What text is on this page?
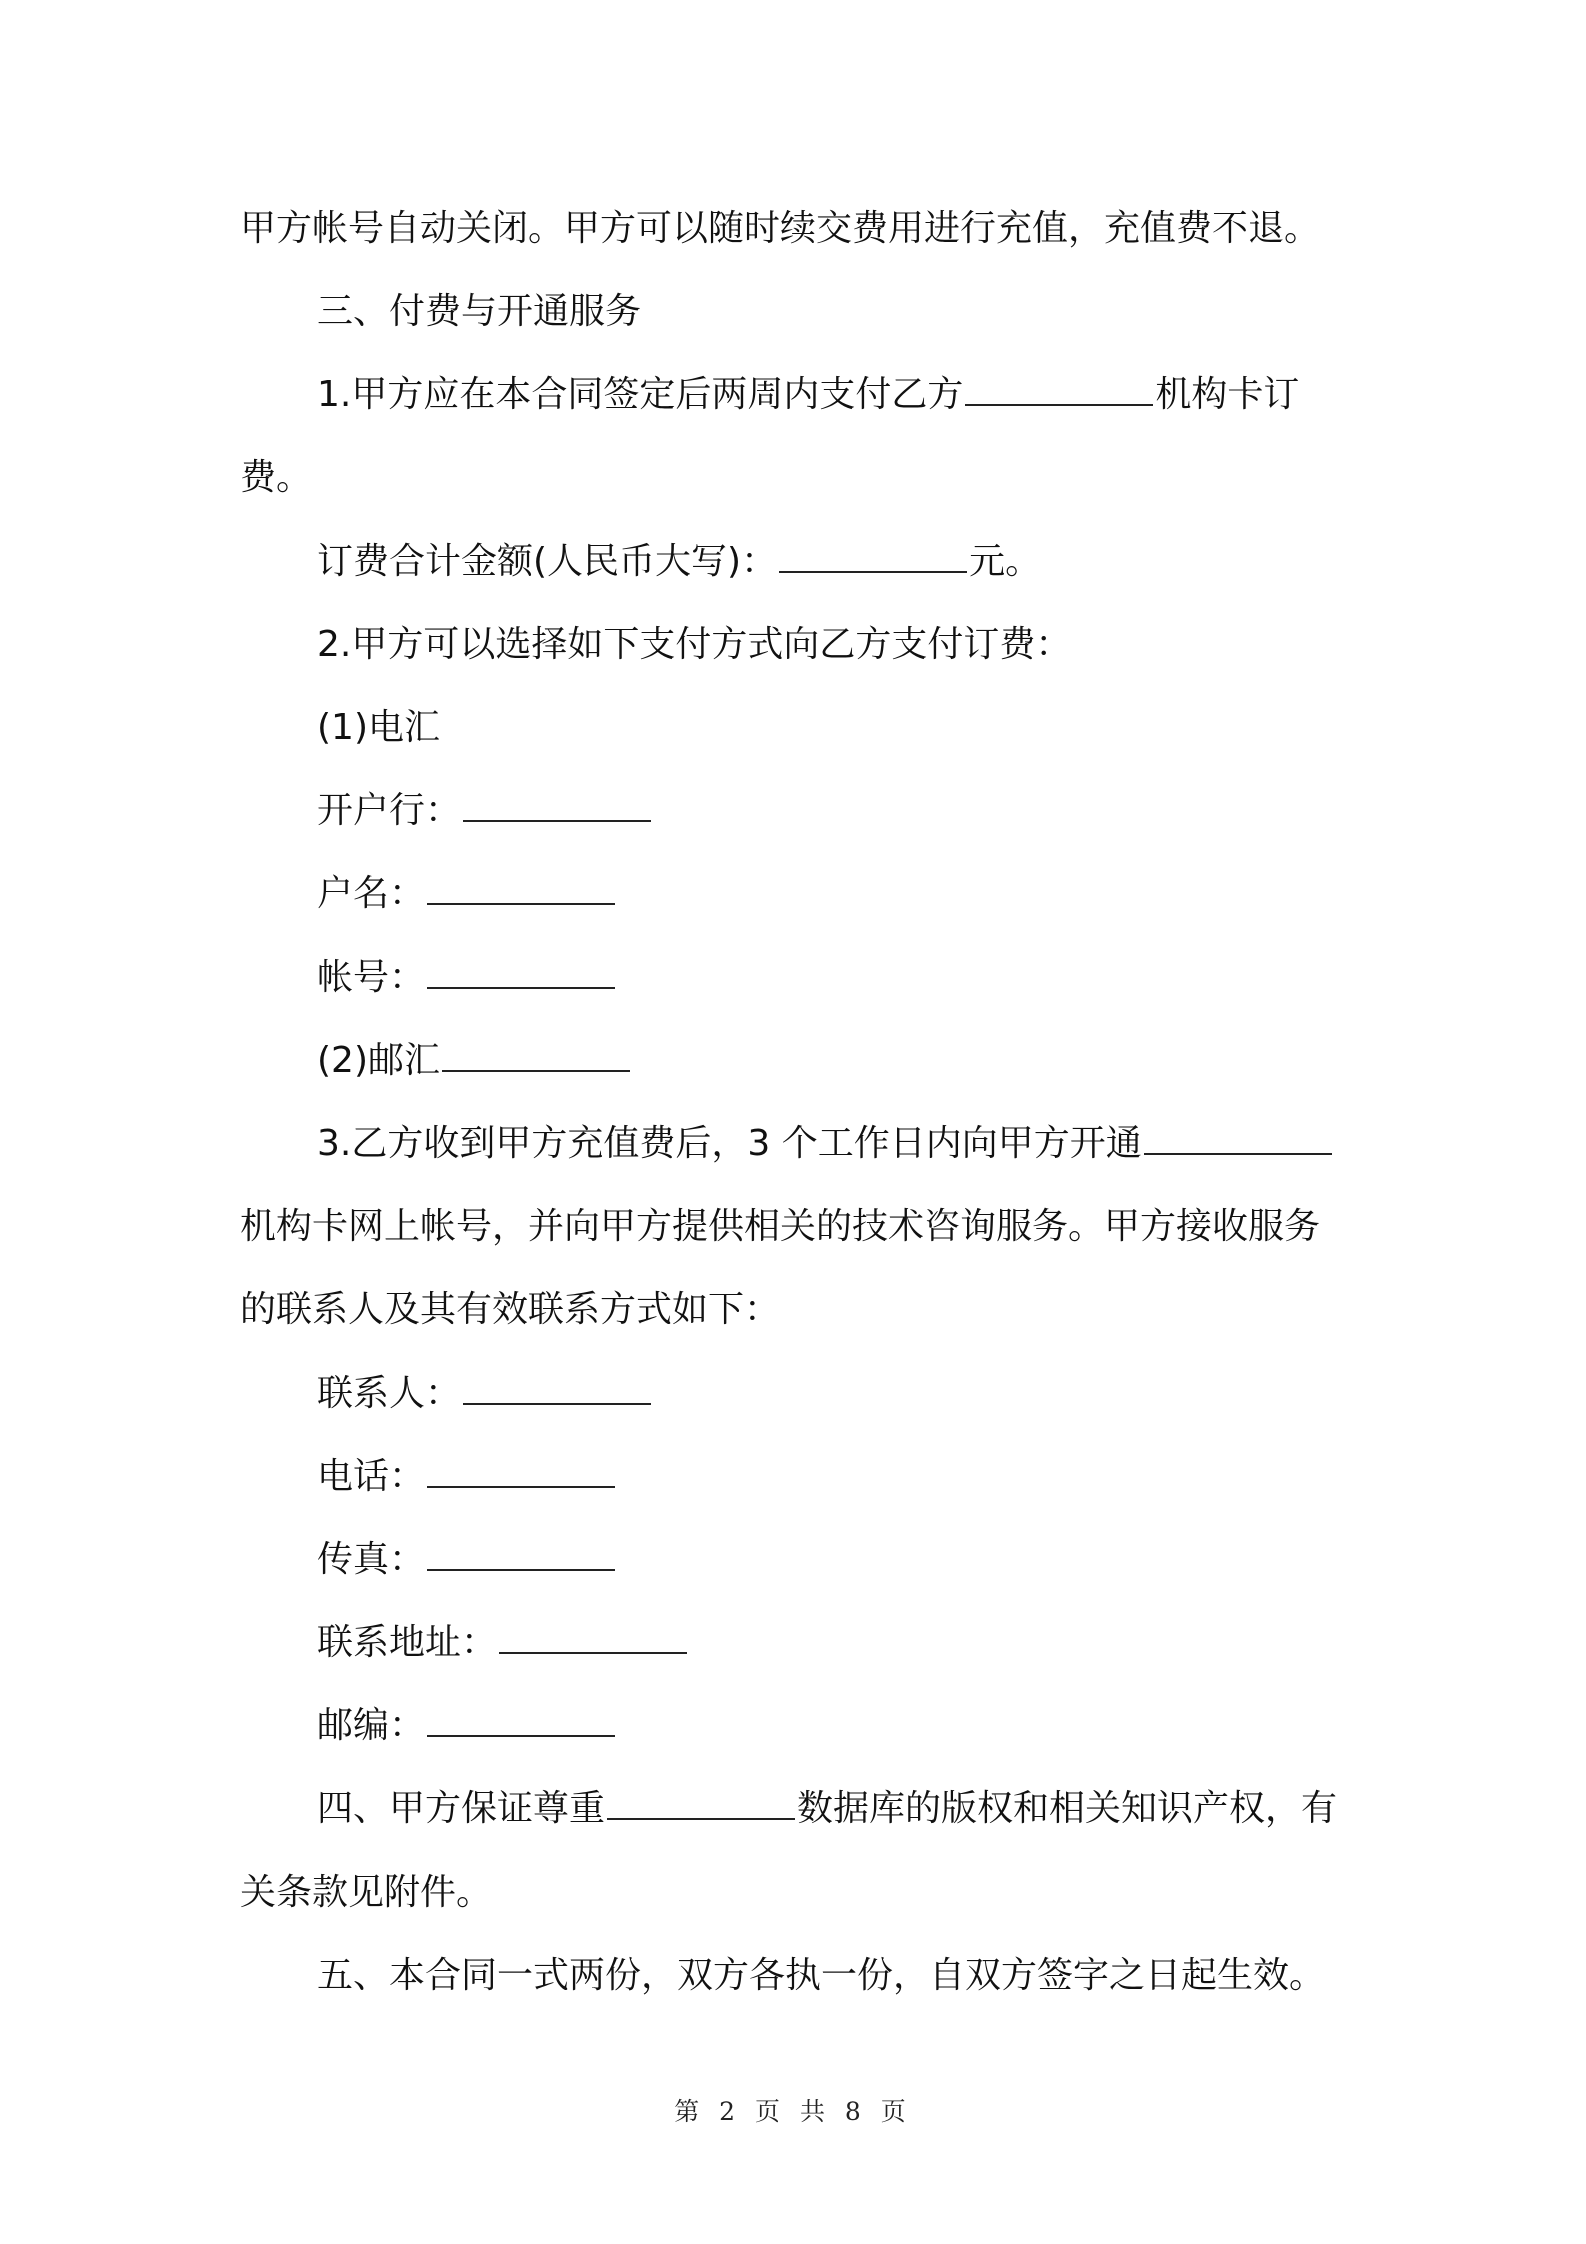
甲方帐号自动关闭。甲方可以随时续交费用进行充值，充值费不退。
三、付费与开通服务
1.甲方应在本合同签定后两周内支付乙方	机构卡订
费。
订费合计金额(人民币大写)：	元。
2.甲方可以选择如下支付方式向乙方支付订费：
(1)电汇
开户行：
户名：
帐号：
(2)邮汇
3.乙方收到甲方充值费后，3 个工作日内向甲方开通
机构卡网上帐号，并向甲方提供相关的技术咨询服务。甲方接收服务
的联系人及其有效联系方式如下：
联系人：
电话：
传真：
联系地址：
邮编：
四、甲方保证尊重	数据库的版权和相关知识产权，有
关条款见附件。
五、本合同一式两份，双方各执一份，自双方签字之日起生效。
第 2 页 共 8 页
